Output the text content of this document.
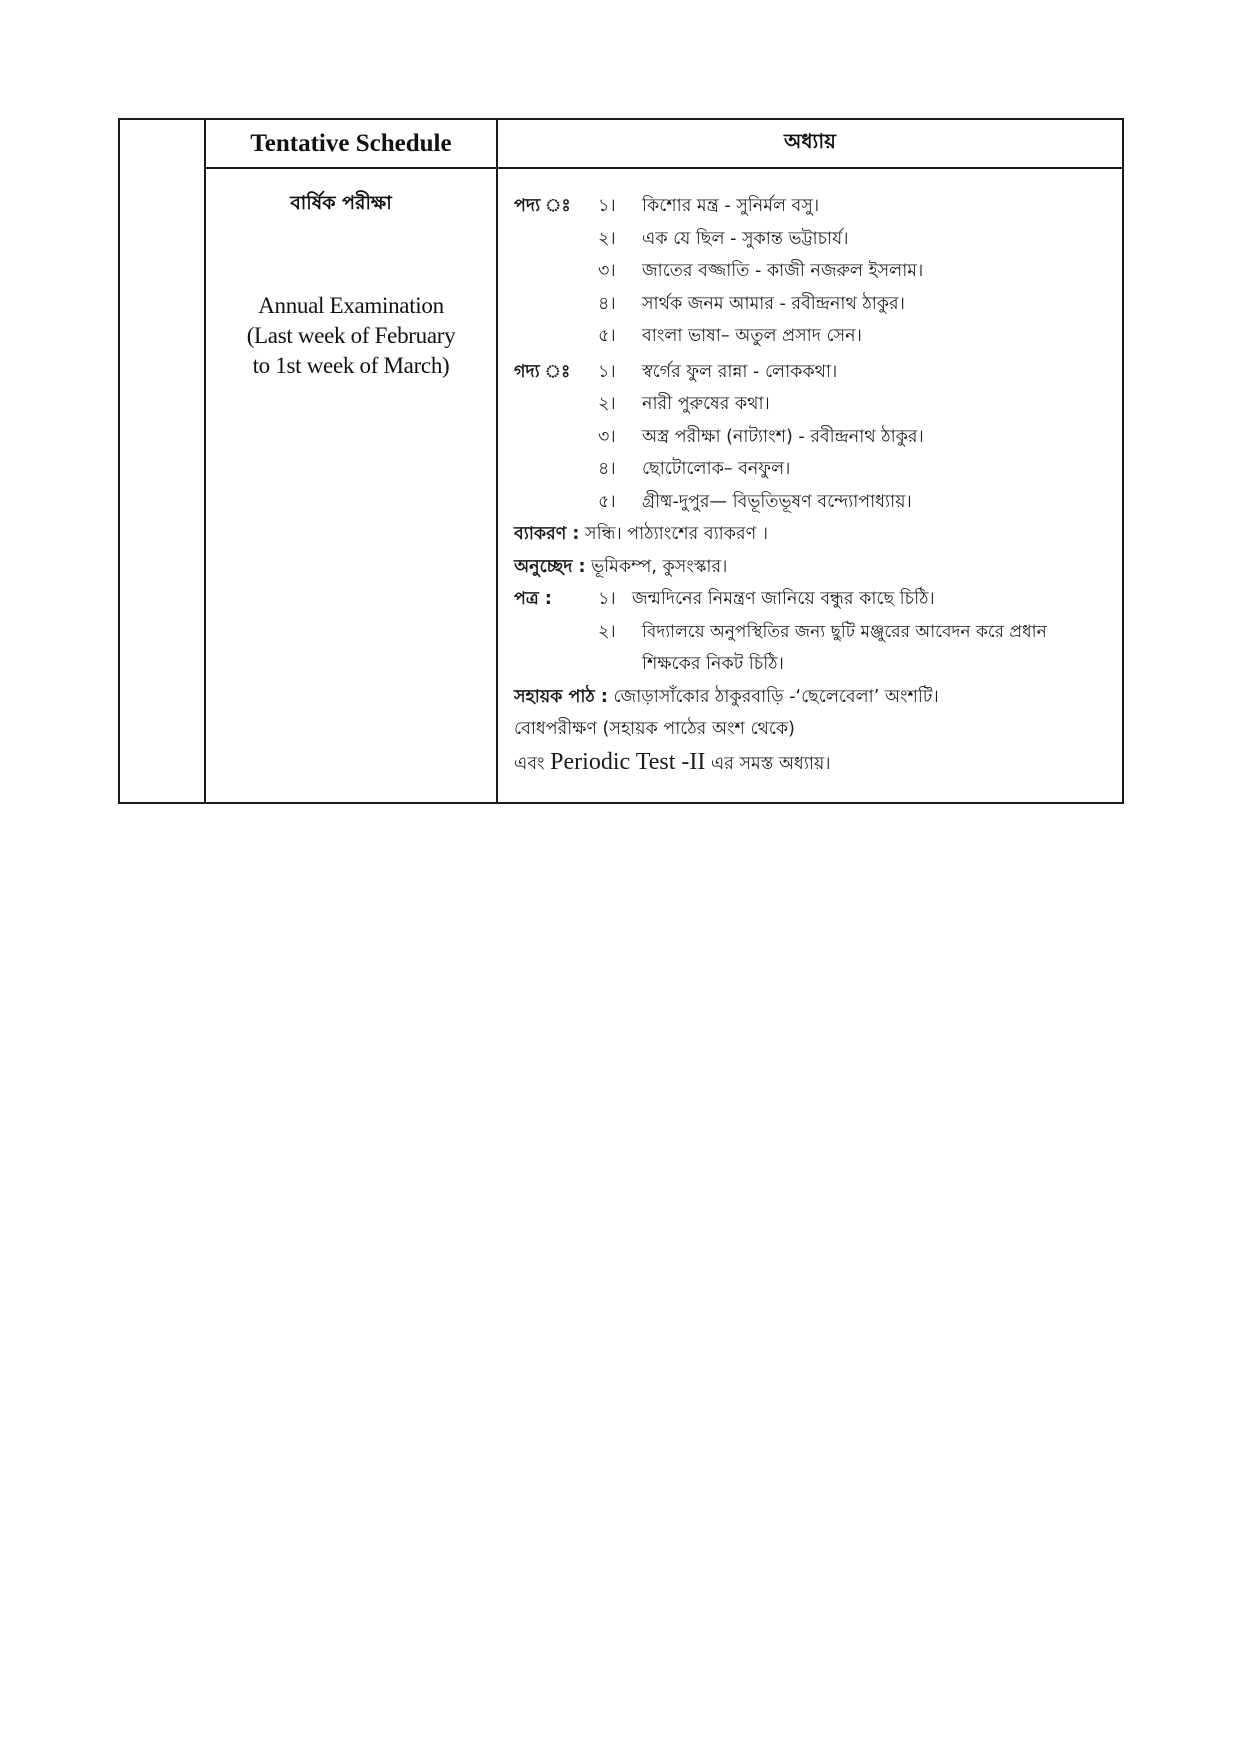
Tentative Schedule	অধ্যায়
বার্ষিক পরীক্ষা
Annual Examination (Last week of February to 1st week of March)
পদ্য ঃ ১। কিশোর মন্ত্র - সুনির্মল বসু।
২। এক যে ছিল - সুকান্ত ভট্টাচার্য।
৩। জাতের বজ্জাতি - কাজী নজরুল ইসলাম।
৪। সার্থক জনম আমার - রবীন্দ্রনাথ ঠাকুর।
৫। বাংলা ভাষা– অতুল প্রসাদ সেন।
গদ্য ঃ ১। স্বর্গের ফুল রান্না - লোককথা।
২। নারী পুরুষের কথা।
৩। অস্ত্র পরীক্ষা (নাট্যাংশ) - রবীন্দ্রনাথ ঠাকুর।
৪। ছোটোলোক– বনফুল।
৫। গ্রীষ্ম-দুপুর— বিভূতিভূষণ বন্দ্যোপাধ্যায়।
ব্যাকরণ : সন্ধি। পাঠ্যাংশের ব্যাকরণ ।
অনুচ্ছেদ : ভূমিকম্প, কুসংস্কার।
পত্র :	১। জন্মদিনের নিমন্ত্রণ জানিয়ে বন্ধুর কাছে চিঠি।
২। বিদ্যালয়ে অনুপস্থিতির জন্য ছুটি মঞ্জুরের আবেদন করে প্রধান
শিক্ষকের নিকট চিঠি।
সহায়ক পাঠ : জোড়াসাঁকোর ঠাকুরবাড়ি -‘ছেলেবেলা’ অংশটি।
বোধপরীক্ষণ (সহায়ক পাঠের অংশ থেকে)
এবং Periodic Test -II এর সমস্ত অধ্যায়।
